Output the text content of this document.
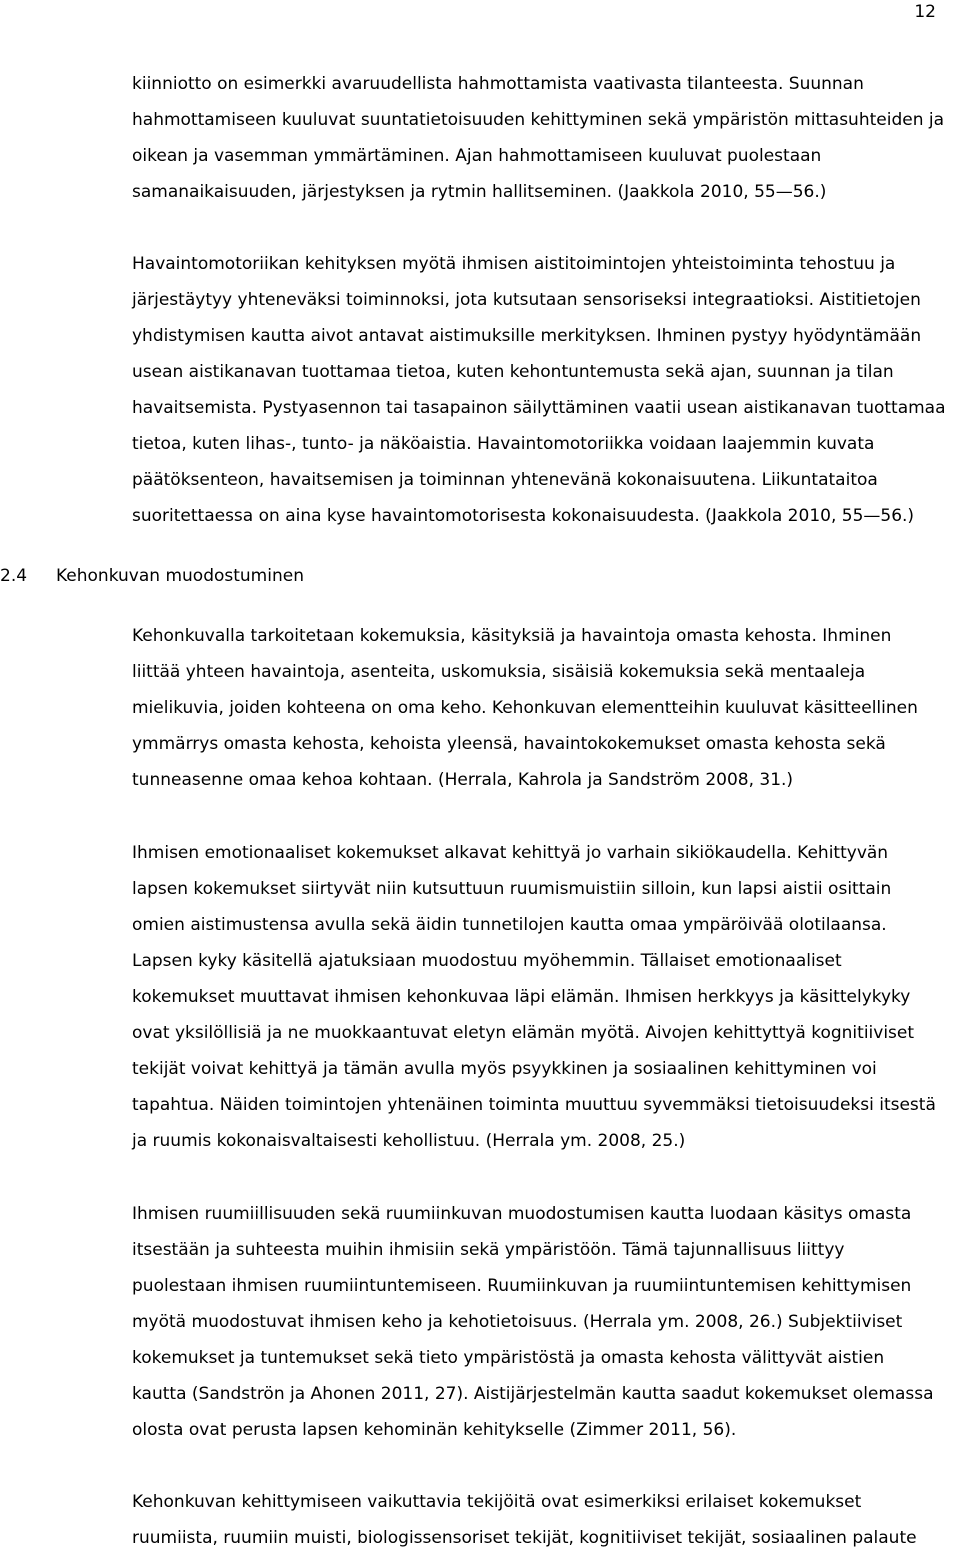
12
kiinniotto on esimerkki avaruudellista hahmottamista vaativasta tilanteesta. Suunnan
hahmottamiseen kuuluvat suuntatietoisuuden kehittyminen sekä ympäristön mittasuhteiden ja
oikean ja vasemman ymmärtäminen. Ajan hahmottamiseen kuuluvat puolestaan
samanaikaisuuden, järjestyksen ja rytmin hallitseminen. (Jaakkola 2010, 55—56.)
Havaintomotoriikan kehityksen myötä ihmisen aistitoimintojen yhteistoiminta tehostuu ja
järjestäytyy yhteneväksi toiminnoksi, jota kutsutaan sensoriseksi integraatioksi. Aistitietojen
yhdistymisen kautta aivot antavat aistimuksille merkityksen. Ihminen pystyy hyödyntämään
usean aistikanavan tuottamaa tietoa, kuten kehontuntemusta sekä ajan, suunnan ja tilan
havaitsemista. Pystyasennon tai tasapainon säilyttäminen vaatii usean aistikanavan tuottamaa
tietoa, kuten lihas-, tunto- ja näköaistia. Havaintomotoriikka voidaan laajemmin kuvata
päätöksenteon, havaitsemisen ja toiminnan yhtenevänä kokonaisuutena. Liikuntataitoa
suoritettaessa on aina kyse havaintomotorisesta kokonaisuudesta. (Jaakkola 2010, 55—56.)
2.4 Kehonkuvan muodostuminen
Kehonkuvalla tarkoitetaan kokemuksia, käsityksiä ja havaintoja omasta kehosta. Ihminen
liittää yhteen havaintoja, asenteita, uskomuksia, sisäisiä kokemuksia sekä mentaaleja
mielikuvia, joiden kohteena on oma keho. Kehonkuvan elementteihin kuuluvat käsitteellinen
ymmärrys omasta kehosta, kehoista yleensä, havaintokokemukset omasta kehosta sekä
tunneasenne omaa kehoa kohtaan. (Herrala, Kahrola ja Sandström 2008, 31.)
Ihmisen emotionaaliset kokemukset alkavat kehittyä jo varhain sikiökaudella. Kehittyvän
lapsen kokemukset siirtyvät niin kutsuttuun ruumismuistiin silloin, kun lapsi aistii osittain
omien aistimustensa avulla sekä äidin tunnetilojen kautta omaa ympäröivää olotilaansa.
Lapsen kyky käsitellä ajatuksiaan muodostuu myöhemmin. Tällaiset emotionaaliset
kokemukset muuttavat ihmisen kehonkuvaa läpi elämän. Ihmisen herkkyys ja käsittelykyky
ovat yksilöllisiä ja ne muokkaantuvat eletyn elämän myötä. Aivojen kehittyttyä kognitiiviset
tekijät voivat kehittyä ja tämän avulla myös psyykkinen ja sosiaalinen kehittyminen voi
tapahtua. Näiden toimintojen yhtenäinen toiminta muuttuu syvemmäksi tietoisuudeksi itsestä
ja ruumis kokonaisvaltaisesti kehollistuu. (Herrala ym. 2008, 25.)
Ihmisen ruumiillisuuden sekä ruumiinkuvan muodostumisen kautta luodaan käsitys omasta
itsestään ja suhteesta muihin ihmisiin sekä ympäristöön. Tämä tajunnallisuus liittyy
puolestaan ihmisen ruumiintuntemiseen. Ruumiinkuvan ja ruumiintuntemisen kehittymisen
myötä muodostuvat ihmisen keho ja kehotietoisuus. (Herrala ym. 2008, 26.) Subjektiiviset
kokemukset ja tuntemukset sekä tieto ympäristöstä ja omasta kehosta välittyvät aistien
kautta (Sandströn ja Ahonen 2011, 27). Aistijärjestelmän kautta saadut kokemukset olemassa
olosta ovat perusta lapsen kehominän kehitykselle (Zimmer 2011, 56).
Kehonkuvan kehittymiseen vaikuttavia tekijöitä ovat esimerkiksi erilaiset kokemukset
ruumiista, ruumiin muisti, biologissensoriset tekijät, kognitiiviset tekijät, sosiaalinen palaute
